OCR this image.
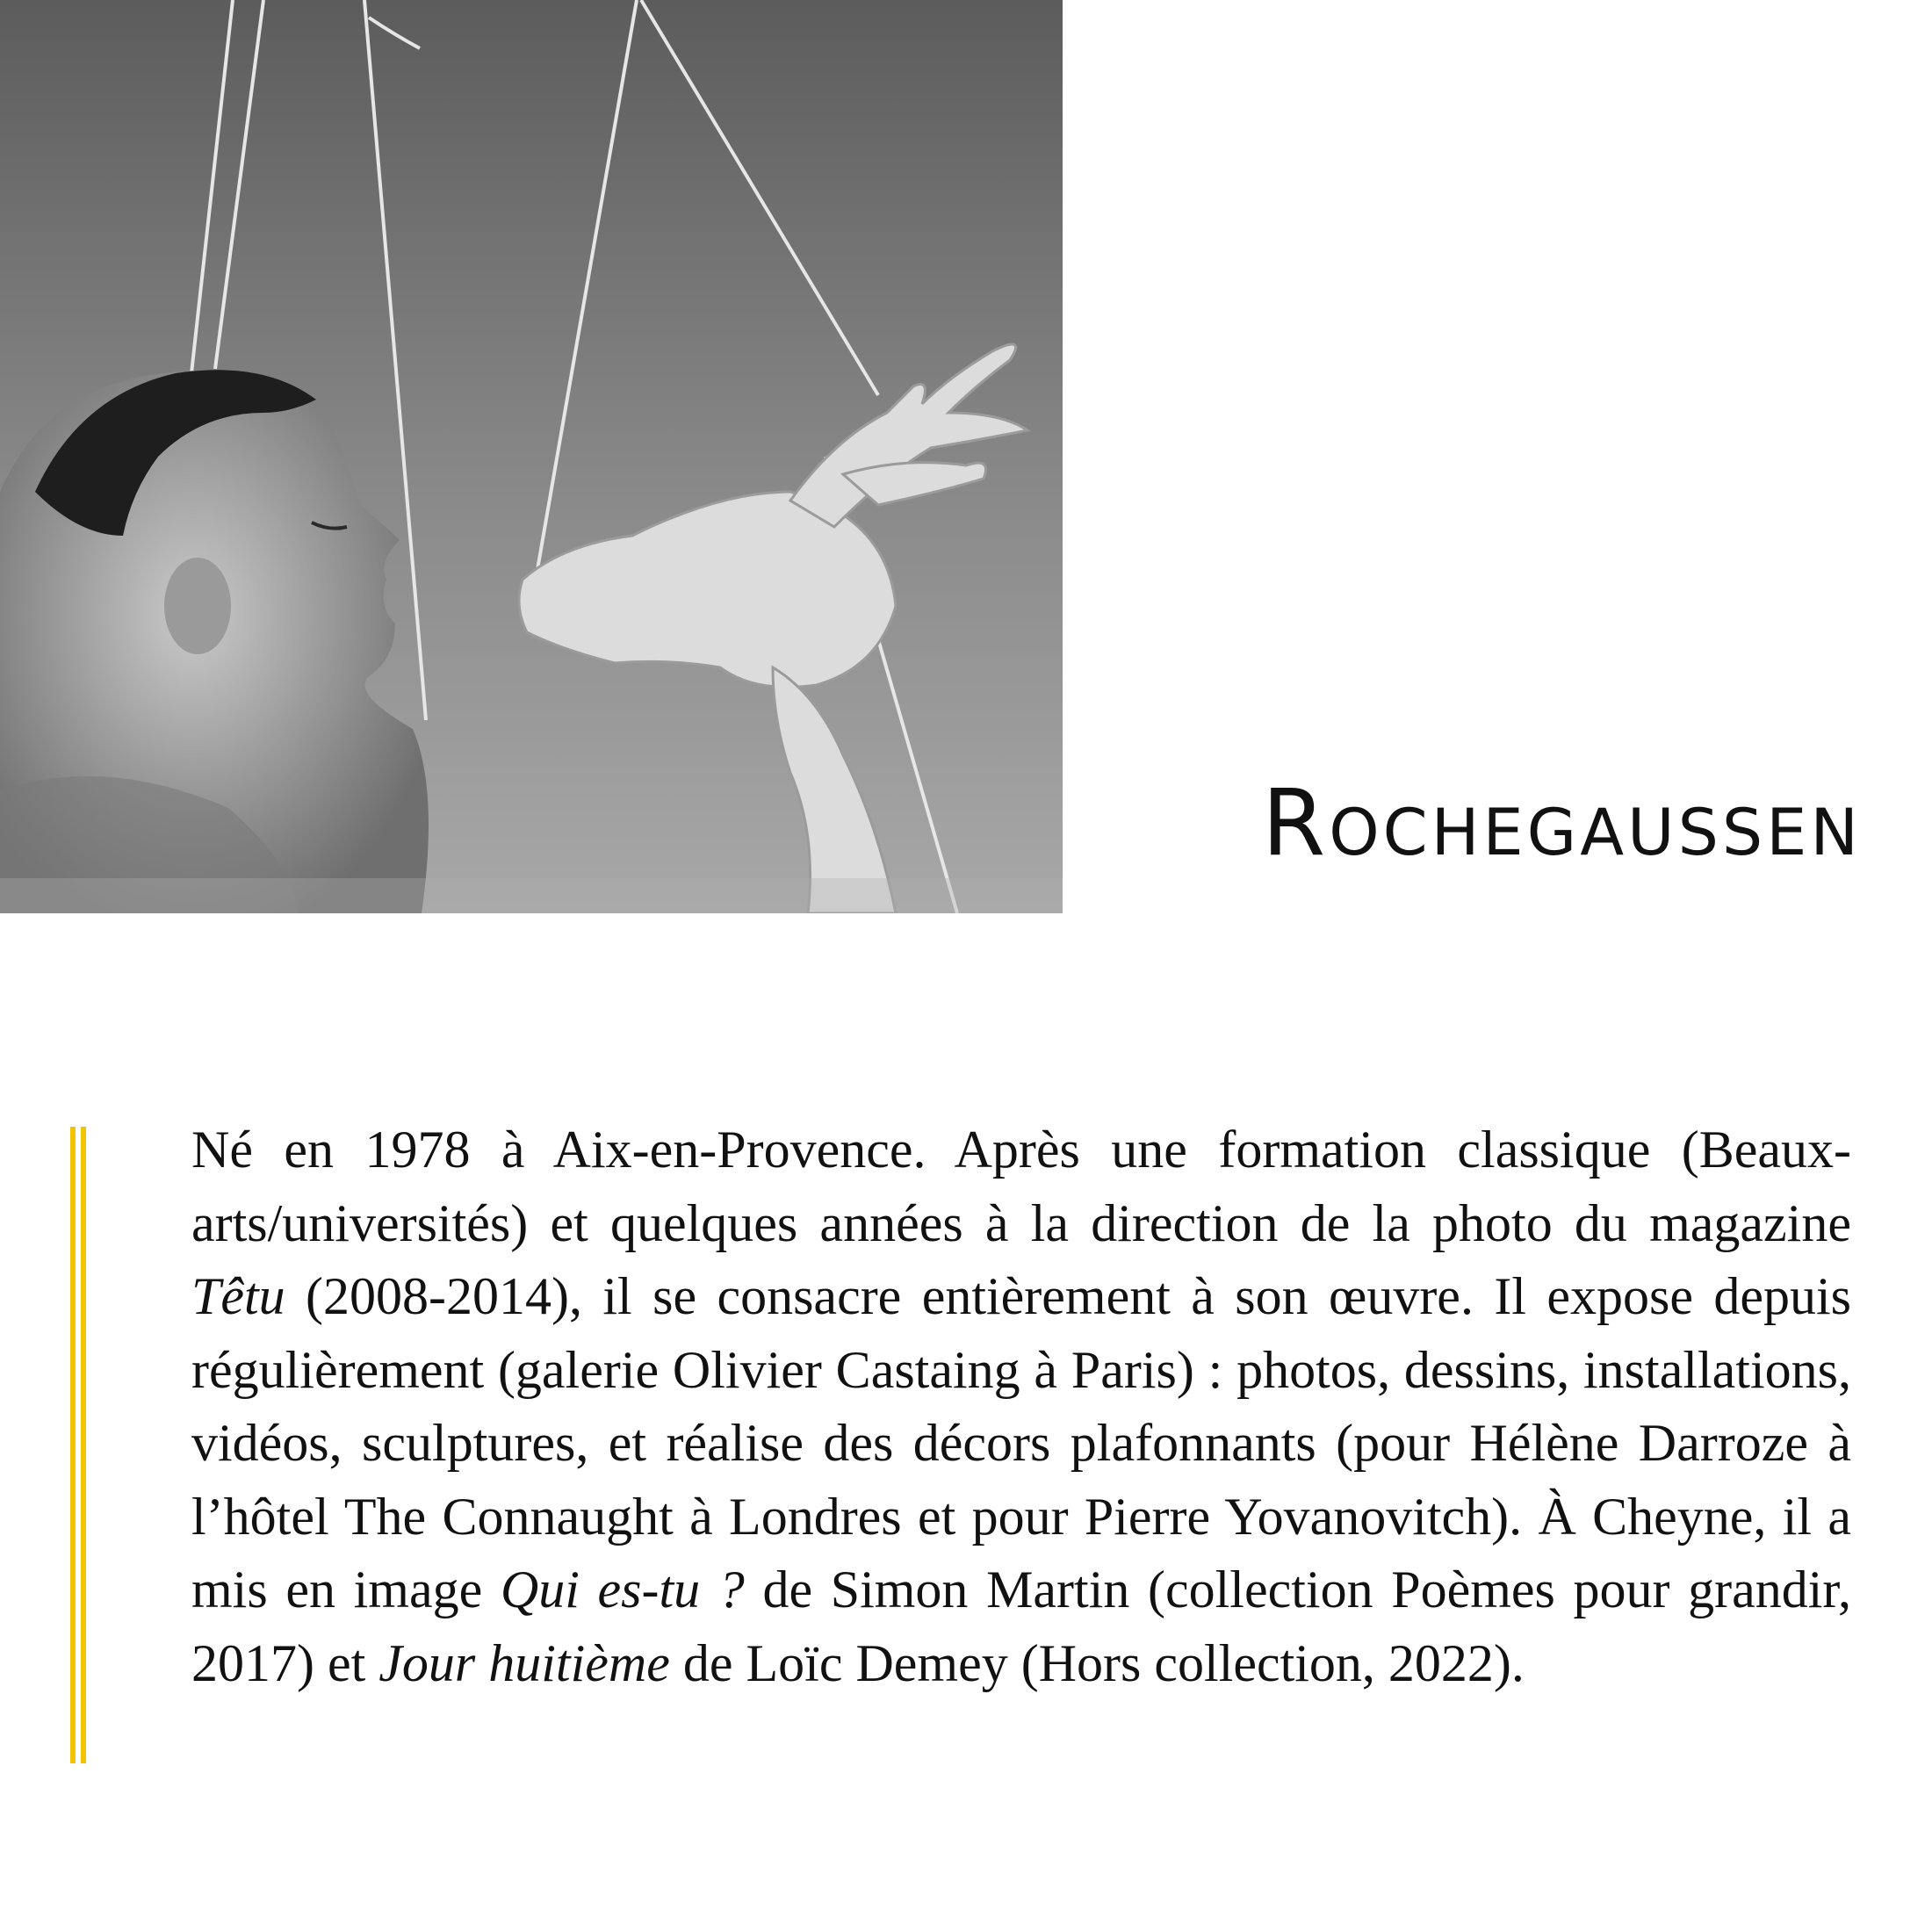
Rochegaussen

Né en 1978 à Aix-en-Provence. Après une formation classique (Beaux-arts/universités) et quelques années à la direction de la photo du magazine Têtu (2008-2014), il se consacre entièrement à son œuvre. Il expose depuis régulièrement (galerie Olivier Castaing à Paris) : photos, dessins, installations, vidéos, sculptures, et réalise des décors plafonnants (pour Hélène Darroze à l’hôtel The Connaught à Londres et pour Pierre Yovanovitch). À Cheyne, il a mis en image Qui es-tu ? de Simon Martin (collection Poèmes pour grandir, 2017) et Jour huitième de Loïc Demey (Hors collection, 2022).
